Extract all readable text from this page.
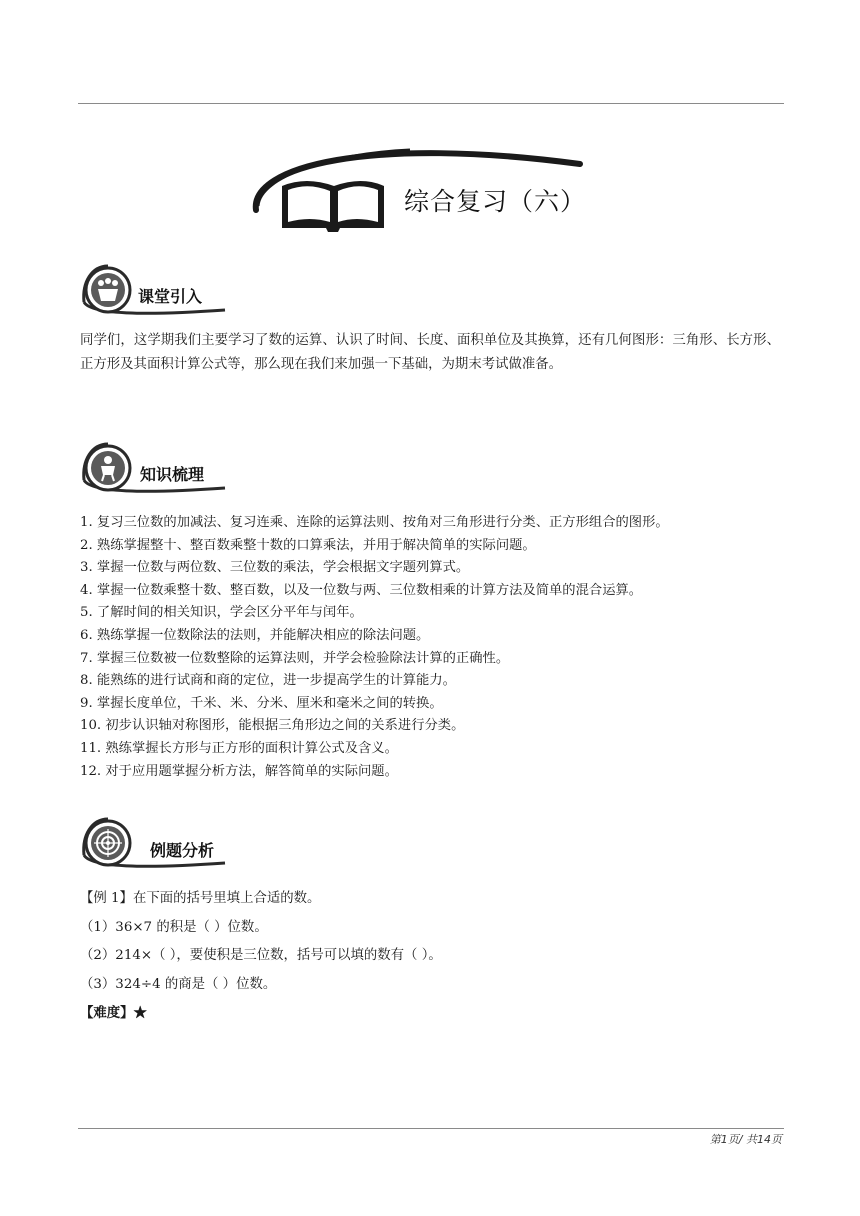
综合复习（六）
课堂引入
同学们，这学期我们主要学习了数的运算、认识了时间、长度、面积单位及其换算，还有几何图形：三角形、长方形、正方形及其面积计算公式等，那么现在我们来加强一下基础，为期末考试做准备。
知识梳理
1. 复习三位数的加减法、复习连乘、连除的运算法则、按角对三角形进行分类、正方形组合的图形。
2. 熟练掌握整十、整百数乘整十数的口算乘法，并用于解决简单的实际问题。
3. 掌握一位数与两位数、三位数的乘法，学会根据文字题列算式。
4. 掌握一位数乘整十数、整百数，以及一位数与两、三位数相乘的计算方法及简单的混合运算。
5. 了解时间的相关知识，学会区分平年与闰年。
6. 熟练掌握一位数除法的法则，并能解决相应的除法问题。
7. 掌握三位数被一位数整除的运算法则，并学会检验除法计算的正确性。
8. 能熟练的进行试商和商的定位，进一步提高学生的计算能力。
9. 掌握长度单位，千米、米、分米、厘米和毫米之间的转换。
10. 初步认识轴对称图形，能根据三角形边之间的关系进行分类。
11. 熟练掌握长方形与正方形的面积计算公式及含义。
12. 对于应用题掌握分析方法，解答简单的实际问题。
例题分析
【例 1】在下面的括号里填上合适的数。
（1）36×7 的积是（ ）位数。
（2）214×（ ），要使积是三位数，括号可以填的数有（ ）。
（3）324÷4 的商是（ ）位数。
【难度】★
第1页/ 共14页
